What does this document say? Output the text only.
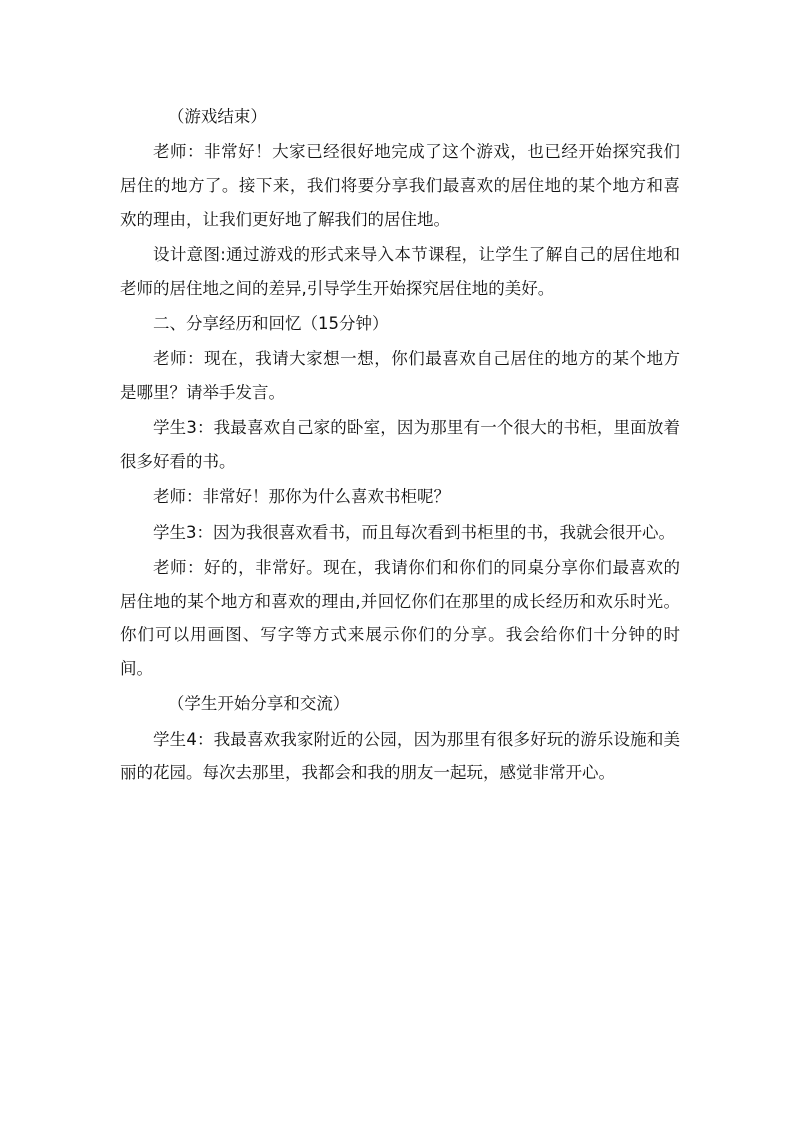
（游戏结束）

老师：非常好！大家已经很好地完成了这个游戏，也已经开始探究我们居住的地方了。接下来，我们将要分享我们最喜欢的居住地的某个地方和喜欢的理由，让我们更好地了解我们的居住地。

设计意图:通过游戏的形式来导入本节课程，让学生了解自己的居住地和老师的居住地之间的差异,引导学生开始探究居住地的美好。

二、分享经历和回忆（15分钟）

老师：现在，我请大家想一想，你们最喜欢自己居住的地方的某个地方是哪里？请举手发言。

学生3：我最喜欢自己家的卧室，因为那里有一个很大的书柜，里面放着很多好看的书。

老师：非常好！那你为什么喜欢书柜呢？

学生3：因为我很喜欢看书，而且每次看到书柜里的书，我就会很开心。

老师：好的，非常好。现在，我请你们和你们的同桌分享你们最喜欢的居住地的某个地方和喜欢的理由,并回忆你们在那里的成长经历和欢乐时光。你们可以用画图、写字等方式来展示你们的分享。我会给你们十分钟的时间。

（学生开始分享和交流）

学生4：我最喜欢我家附近的公园，因为那里有很多好玩的游乐设施和美丽的花园。每次去那里，我都会和我的朋友一起玩，感觉非常开心。
